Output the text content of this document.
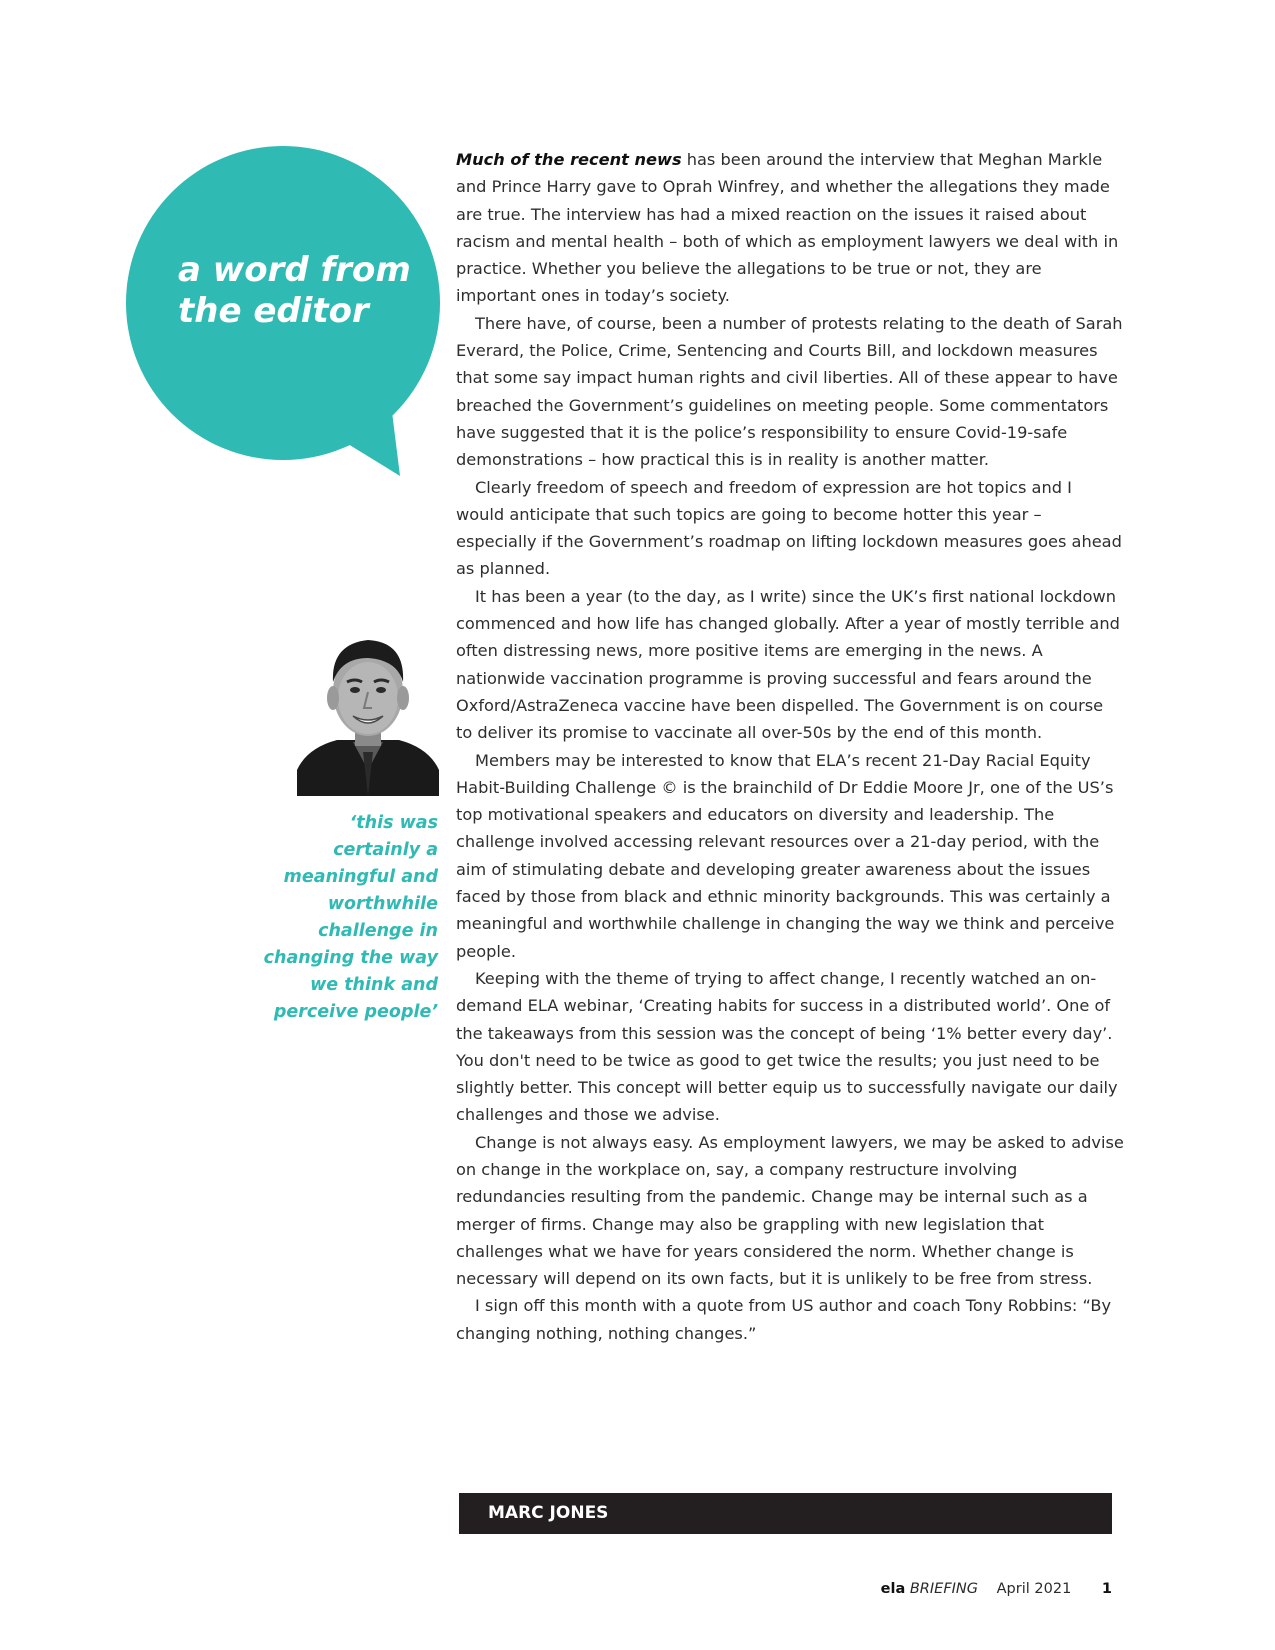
a word from
the editor
‘this was certainly a meaningful and worthwhile challenge in changing the way we think and perceive people’

Much of the recent news has been around the interview that Meghan Markle and Prince Harry gave to Oprah Winfrey, and whether the allegations they made are true. The interview has had a mixed reaction on the issues it raised about racism and mental health – both of which as employment lawyers we deal with in practice. Whether you believe the allegations to be true or not, they are important ones in today’s society.

There have, of course, been a number of protests relating to the death of Sarah Everard, the Police, Crime, Sentencing and Courts Bill, and lockdown measures that some say impact human rights and civil liberties. All of these appear to have breached the Government’s guidelines on meeting people. Some commentators have suggested that it is the police’s responsibility to ensure Covid-19-safe demonstrations – how practical this is in reality is another matter.

Clearly freedom of speech and freedom of expression are hot topics and I would anticipate that such topics are going to become hotter this year – especially if the Government’s roadmap on lifting lockdown measures goes ahead as planned.

It has been a year (to the day, as I write) since the UK’s first national lockdown commenced and how life has changed globally. After a year of mostly terrible and often distressing news, more positive items are emerging in the news. A nationwide vaccination programme is proving successful and fears around the Oxford/AstraZeneca vaccine have been dispelled. The Government is on course to deliver its promise to vaccinate all over-50s by the end of this month.

Members may be interested to know that ELA’s recent 21-Day Racial Equity Habit-Building Challenge © is the brainchild of Dr Eddie Moore Jr, one of the US’s top motivational speakers and educators on diversity and leadership. The challenge involved accessing relevant resources over a 21-day period, with the aim of stimulating debate and developing greater awareness about the issues faced by those from black and ethnic minority backgrounds. This was certainly a meaningful and worthwhile challenge in changing the way we think and perceive people.

Keeping with the theme of trying to affect change, I recently watched an on-demand ELA webinar, ‘Creating habits for success in a distributed world’. One of the takeaways from this session was the concept of being ‘1% better every day’. You don't need to be twice as good to get twice the results; you just need to be slightly better. This concept will better equip us to successfully navigate our daily challenges and those we advise.

Change is not always easy. As employment lawyers, we may be asked to advise on change in the workplace on, say, a company restructure involving redundancies resulting from the pandemic. Change may be internal such as a merger of firms. Change may also be grappling with new legislation that challenges what we have for years considered the norm. Whether change is necessary will depend on its own facts, but it is unlikely to be free from stress.

I sign off this month with a quote from US author and coach Tony Robbins: “By changing nothing, nothing changes.”

MARC JONES
ela BRIEFING April 2021 1
